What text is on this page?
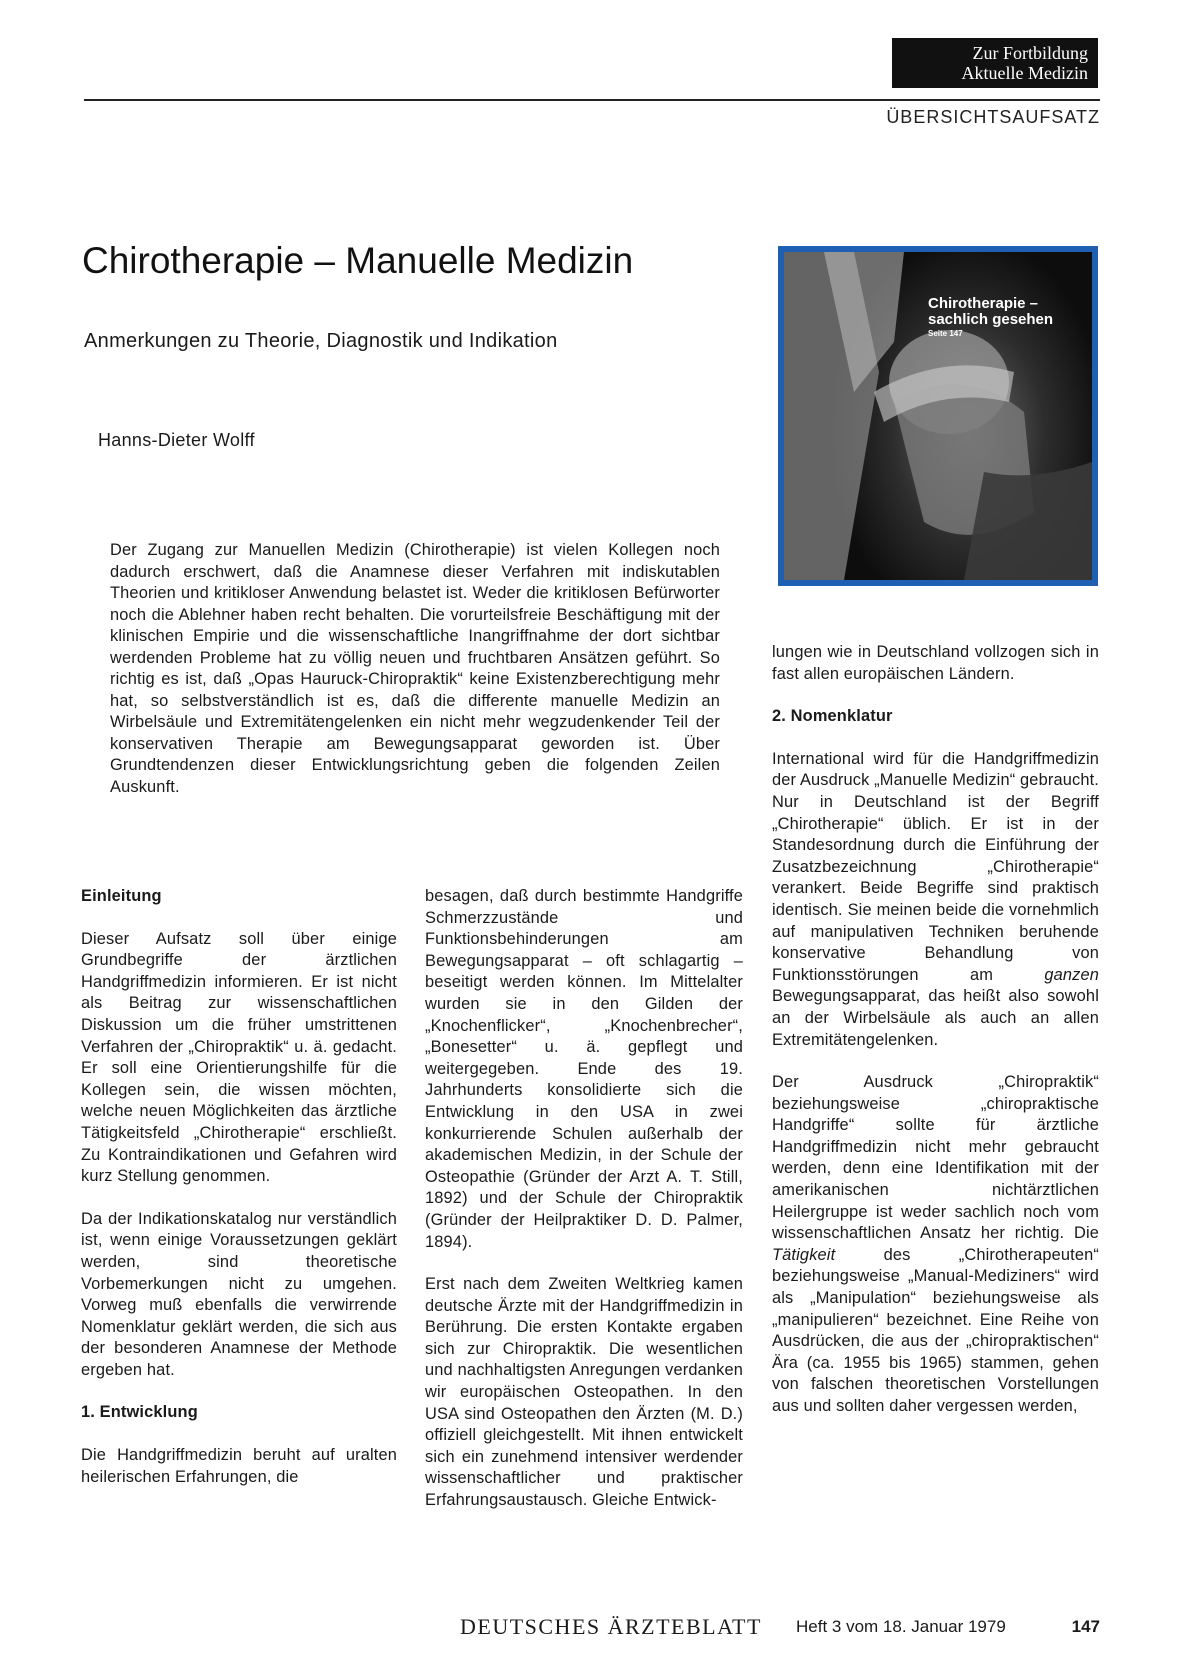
Zur Fortbildung
Aktuelle Medizin
ÜBERSICHTSAUFSATZ
Chirotherapie – Manuelle Medizin
Anmerkungen zu Theorie, Diagnostik und Indikation
Hanns-Dieter Wolff
Chirotherapie –
sachlich gesehen
Seite 147
Der Zugang zur Manuellen Medizin (Chirotherapie) ist vielen Kollegen noch dadurch erschwert, daß die Anamnese dieser Verfahren mit indiskutablen Theorien und kritikloser Anwendung belastet ist. Weder die kritiklosen Befürworter noch die Ablehner haben recht behalten. Die vorurteilsfreie Beschäftigung mit der klinischen Empirie und die wissenschaftliche Inangriffnahme der dort sichtbar werdenden Probleme hat zu völlig neuen und fruchtbaren Ansätzen geführt. So richtig es ist, daß „Opas Hauruck-Chiropraktik“ keine Existenzberechtigung mehr hat, so selbstverständlich ist es, daß die differente manuelle Medizin an Wirbelsäule und Extremitätengelenken ein nicht mehr wegzudenkender Teil der konservativen Therapie am Bewegungsapparat geworden ist. Über Grundtendenzen dieser Entwicklungsrichtung geben die folgenden Zeilen Auskunft.
Einleitung

Dieser Aufsatz soll über einige Grundbegriffe der ärztlichen Handgriffmedizin informieren. Er ist nicht als Beitrag zur wissenschaftlichen Diskussion um die früher umstrittenen Verfahren der „Chiropraktik“ u. ä. gedacht. Er soll eine Orientierungshilfe für die Kollegen sein, die wissen möchten, welche neuen Möglichkeiten das ärztliche Tätigkeitsfeld „Chirotherapie“ erschließt. Zu Kontraindikationen und Gefahren wird kurz Stellung genommen.

Da der Indikationskatalog nur verständlich ist, wenn einige Voraussetzungen geklärt werden, sind theoretische Vorbemerkungen nicht zu umgehen. Vorweg muß ebenfalls die verwirrende Nomenklatur geklärt werden, die sich aus der besonderen Anamnese der Methode ergeben hat.

1. Entwicklung

Die Handgriffmedizin beruht auf uralten heilerischen Erfahrungen, die

besagen, daß durch bestimmte Handgriffe Schmerzzustände und Funktionsbehinderungen am Bewegungsapparat – oft schlagartig – beseitigt werden können. Im Mittelalter wurden sie in den Gilden der „Knochenflicker“, „Knochenbrecher“, „Bonesetter“ u. ä. gepflegt und weitergegeben. Ende des 19. Jahrhunderts konsolidierte sich die Entwicklung in den USA in zwei konkurrierende Schulen außerhalb der akademischen Medizin, in der Schule der Osteopathie (Gründer der Arzt A. T. Still, 1892) und der Schule der Chiropraktik (Gründer der Heilpraktiker D. D. Palmer, 1894).

Erst nach dem Zweiten Weltkrieg kamen deutsche Ärzte mit der Handgriffmedizin in Berührung. Die ersten Kontakte ergaben sich zur Chiropraktik. Die wesentlichen und nachhaltigsten Anregungen verdanken wir europäischen Osteopathen. In den USA sind Osteopathen den Ärzten (M. D.) offiziell gleichgestellt. Mit ihnen entwickelt sich ein zunehmend intensiver werdender wissenschaftlicher und praktischer Erfahrungsaustausch. Gleiche Entwick-

lungen wie in Deutschland vollzogen sich in fast allen europäischen Ländern.

2. Nomenklatur

International wird für die Handgriffmedizin der Ausdruck „Manuelle Medizin“ gebraucht. Nur in Deutschland ist der Begriff „Chirotherapie“ üblich. Er ist in der Standesordnung durch die Einführung der Zusatzbezeichnung „Chirotherapie“ verankert. Beide Begriffe sind praktisch identisch. Sie meinen beide die vornehmlich auf manipulativen Techniken beruhende konservative Behandlung von Funktionsstörungen am ganzen Bewegungsapparat, das heißt also sowohl an der Wirbelsäule als auch an allen Extremitätengelenken.

Der Ausdruck „Chiropraktik“ beziehungsweise „chiropraktische Handgriffe“ sollte für ärztliche Handgriffmedizin nicht mehr gebraucht werden, denn eine Identifikation mit der amerikanischen nichtärztlichen Heilergruppe ist weder sachlich noch vom wissenschaftlichen Ansatz her richtig. Die Tätigkeit des „Chirotherapeuten“ beziehungsweise „Manual-Mediziners“ wird als „Manipulation“ beziehungsweise als „manipulieren“ bezeichnet. Eine Reihe von Ausdrücken, die aus der „chiropraktischen“ Ära (ca. 1955 bis 1965) stammen, gehen von falschen theoretischen Vorstellungen aus und sollten daher vergessen werden,

DEUTSCHES ÄRZTEBLATT Heft 3 vom 18. Januar 1979	147
